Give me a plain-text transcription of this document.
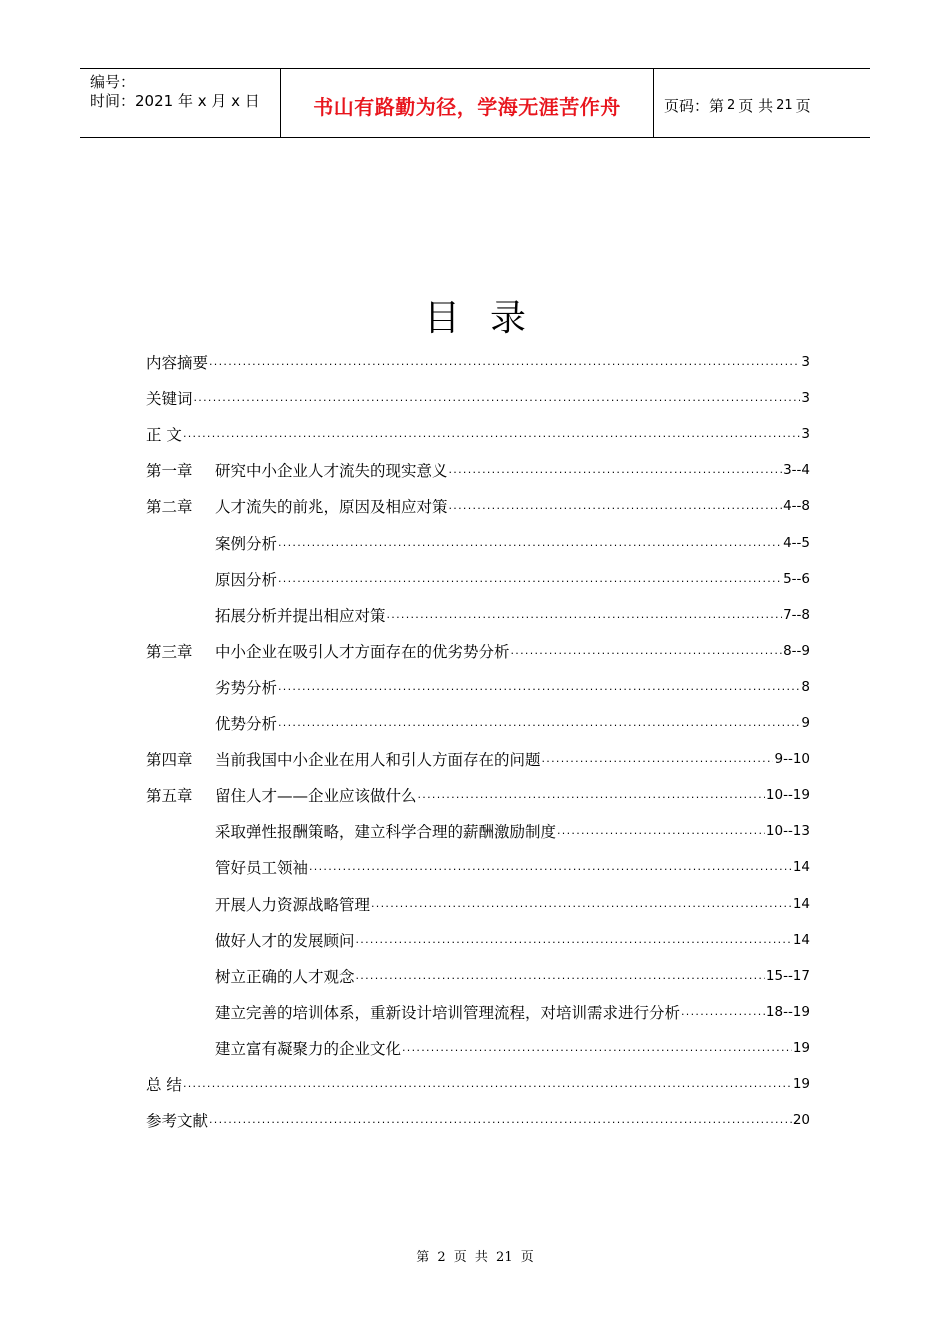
编号：
时间：2021 年 x 月 x 日	书山有路勤为径，学海无涯苦作舟	页码：第 2 页 共 21 页
目录
内容摘要 .....	3
关键词 .....	3
正 文 .....	3
第一章 研究中小企业人才流失的现实意义 .....	3--4
第二章 人才流失的前兆，原因及相应对策 .....	4--8
案例分析 .....	4--5
原因分析 .....	5--6
拓展分析并提出相应对策 .....	7--8
第三章 中小企业在吸引人才方面存在的优劣势分析 .....	8--9
劣势分析 .....	8
优势分析 .....	9
第四章 当前我国中小企业在用人和引人方面存在的问题 .....	9--10
第五章 留住人才——企业应该做什么 .....	10--19
采取弹性报酬策略，建立科学合理的薪酬激励制度 .....	10--13
管好员工领袖 .....	14
开展人力资源战略管理 .....	14
做好人才的发展顾问 .....	14
树立正确的人才观念 .....	15--17
建立完善的培训体系，重新设计培训管理流程，对培训需求进行分析 .....	18--19
建立富有凝聚力的企业文化 .....	19
总 结 .....	19
参考文献 .....	20
第 2 页 共 21 页
